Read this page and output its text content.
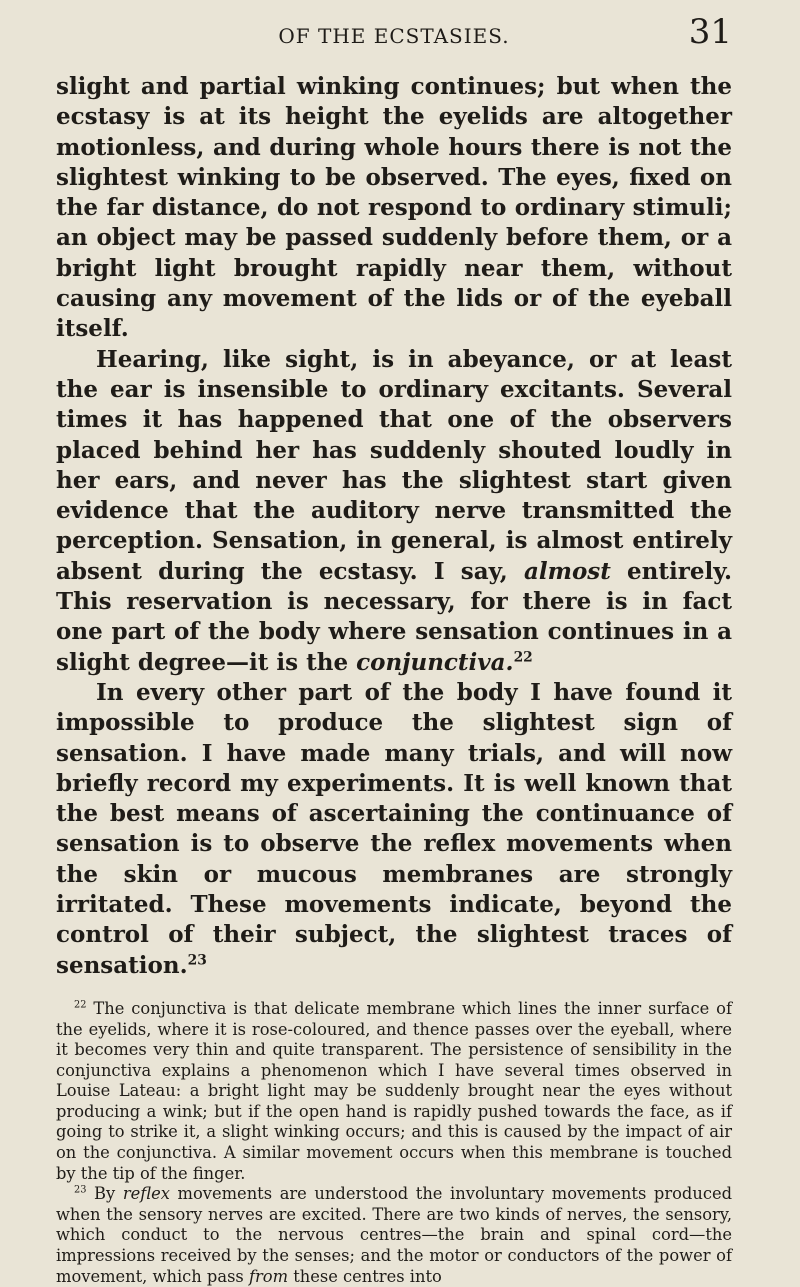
OF THE ECSTASIES.	31

slight and partial winking continues; but when the ecstasy is at its height the eyelids are altogether motionless, and during whole hours there is not the slightest winking to be observed. The eyes, fixed on the far distance, do not respond to ordinary stimuli; an object may be passed suddenly before them, or a bright light brought rapidly near them, without causing any movement of the lids or of the eyeball itself.

Hearing, like sight, is in abeyance, or at least the ear is insensible to ordinary excitants. Several times it has happened that one of the observers placed behind her has suddenly shouted loudly in her ears, and never has the slightest start given evidence that the auditory nerve transmitted the perception. Sensation, in general, is almost entirely absent during the ecstasy. I say, almost entirely. This reservation is necessary, for there is in fact one part of the body where sensation continues in a slight degree—it is the conjunctiva.$^{22}$

In every other part of the body I have found it impossible to produce the slightest sign of sensation. I have made many trials, and will now briefly record my experiments. It is well known that the best means of ascertaining the continuance of sensation is to observe the reflex movements when the skin or mucous membranes are strongly irritated. These movements indicate, beyond the control of their subject, the slightest traces of sensation.$^{23}$

$^{22}$ The conjunctiva is that delicate membrane which lines the inner surface of the eyelids, where it is rose-coloured, and thence passes over the eyeball, where it becomes very thin and quite transparent. The persistence of sensibility in the conjunctiva explains a phenomenon which I have several times observed in Louise Lateau: a bright light may be suddenly brought near the eyes without producing a wink; but if the open hand is rapidly pushed towards the face, as if going to strike it, a slight winking occurs; and this is caused by the impact of air on the conjunctiva. A similar movement occurs when this membrane is touched by the tip of the finger.

$^{23}$ By reflex movements are understood the involuntary movements produced when the sensory nerves are excited. There are two kinds of nerves, the sensory, which conduct to the nervous centres—the brain and spinal cord—the impressions received by the senses; and the motor or conductors of the power of movement, which pass from these centres into
